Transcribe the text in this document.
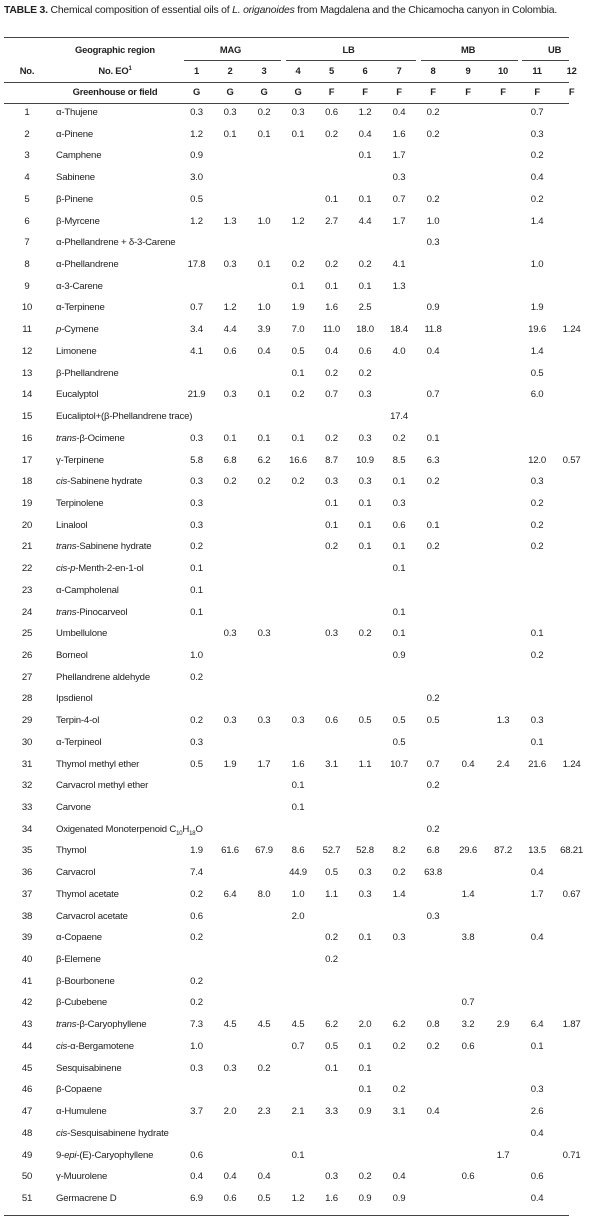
TABLE 3. Chemical composition of essential oils of L. origanoides from Magdalena and the Chicamocha canyon in Colombia.
	Geographic region	MAG			LB				MB			UB	
No.	No. $EO^1$	1	2	3	4	5	6	7	8	9	10	11	12
	Greenhouse or field	G	G	G	G	F	F	F	F	F	F	F	F
1	α-Thujene	0.3	0.3	0.2	0.3	0.6	1.2	0.4	0.2			0.7	
2	α-Pinene	1.2	0.1	0.1	0.1	0.2	0.4	1.6	0.2			0.3	
3	Camphene	0.9					0.1	1.7				0.2	
4	Sabinene	3.0						0.3				0.4	
5	β-Pinene	0.5				0.1	0.1	0.7	0.2			0.2	
6	β-Myrcene	1.2	1.3	1.0	1.2	2.7	4.4	1.7	1.0			1.4	
7	α-Phellandrene + δ-3-Carene								0.3				
8	α-Phellandrene	17.8	0.3	0.1	0.2	0.2	0.2	4.1				1.0	
9	α-3-Carene				0.1	0.1	0.1	1.3					
10	α-Terpinene	0.7	1.2	1.0	1.9	1.6	2.5		0.9			1.9	
11	p-Cymene	3.4	4.4	3.9	7.0	11.0	18.0	18.4	11.8			19.6	1.24
12	Limonene	4.1	0.6	0.4	0.5	0.4	0.6	4.0	0.4			1.4	
13	β-Phellandrene				0.1	0.2	0.2					0.5	
14	Eucalyptol	21.9	0.3	0.1	0.2	0.7	0.3		0.7			6.0	
15	Eucaliptol+(β-Phellandrene trace)							17.4					
16	trans-β-Ocimene	0.3	0.1	0.1	0.1	0.2	0.3	0.2	0.1				
17	γ-Terpinene	5.8	6.8	6.2	16.6	8.7	10.9	8.5	6.3			12.0	0.57
18	cis-Sabinene hydrate	0.3	0.2	0.2	0.2	0.3	0.3	0.1	0.2			0.3	
19	Terpinolene	0.3				0.1	0.1	0.3				0.2	
20	Linalool	0.3				0.1	0.1	0.6	0.1			0.2	
21	trans-Sabinene hydrate	0.2				0.2	0.1	0.1	0.2			0.2	
22	cis-p-Menth-2-en-1-ol	0.1						0.1					
23	α-Campholenal	0.1											
24	trans-Pinocarveol	0.1						0.1					
25	Umbellulone		0.3	0.3		0.3	0.2	0.1				0.1	
26	Borneol	1.0						0.9				0.2	
27	Phellandrene aldehyde	0.2											
28	Ipsdienol								0.2				
29	Terpin-4-ol	0.2	0.3	0.3	0.3	0.6	0.5	0.5	0.5		1.3	0.3	
30	α-Terpineol	0.3						0.5				0.1	
31	Thymol methyl ether	0.5	1.9	1.7	1.6	3.1	1.1	10.7	0.7	0.4	2.4	21.6	1.24
32	Carvacrol methyl ether				0.1				0.2				
33	Carvone				0.1								
34	Oxigenated Monoterpenoid $C_{10}H_{18}O$								0.2				
35	Thymol	1.9	61.6	67.9	8.6	52.7	52.8	8.2	6.8	29.6	87.2	13.5	68.21
36	Carvacrol	7.4			44.9	0.5	0.3	0.2	63.8			0.4	
37	Thymol acetate	0.2	6.4	8.0	1.0	1.1	0.3	1.4		1.4		1.7	0.67
38	Carvacrol acetate	0.6			2.0				0.3				
39	α-Copaene	0.2				0.2	0.1	0.3		3.8		0.4	
40	β-Elemene					0.2							
41	β-Bourbonene	0.2											
42	β-Cubebene	0.2								0.7			
43	trans-β-Caryophyllene	7.3	4.5	4.5	4.5	6.2	2.0	6.2	0.8	3.2	2.9	6.4	1.87
44	cis-α-Bergamotene	1.0			0.7	0.5	0.1	0.2	0.2	0.6		0.1	
45	Sesquisabinene	0.3	0.3	0.2		0.1	0.1						
46	β-Copaene						0.1	0.2				0.3	
47	α-Humulene	3.7	2.0	2.3	2.1	3.3	0.9	3.1	0.4			2.6	
48	cis-Sesquisabinene hydrate											0.4	
49	9-epi-(E)-Caryophyllene	0.6			0.1						1.7		0.71
50	γ-Muurolene	0.4	0.4	0.4		0.3	0.2	0.4		0.6		0.6	
51	Germacrene D	6.9	0.6	0.5	1.2	1.6	0.9	0.9				0.4	
